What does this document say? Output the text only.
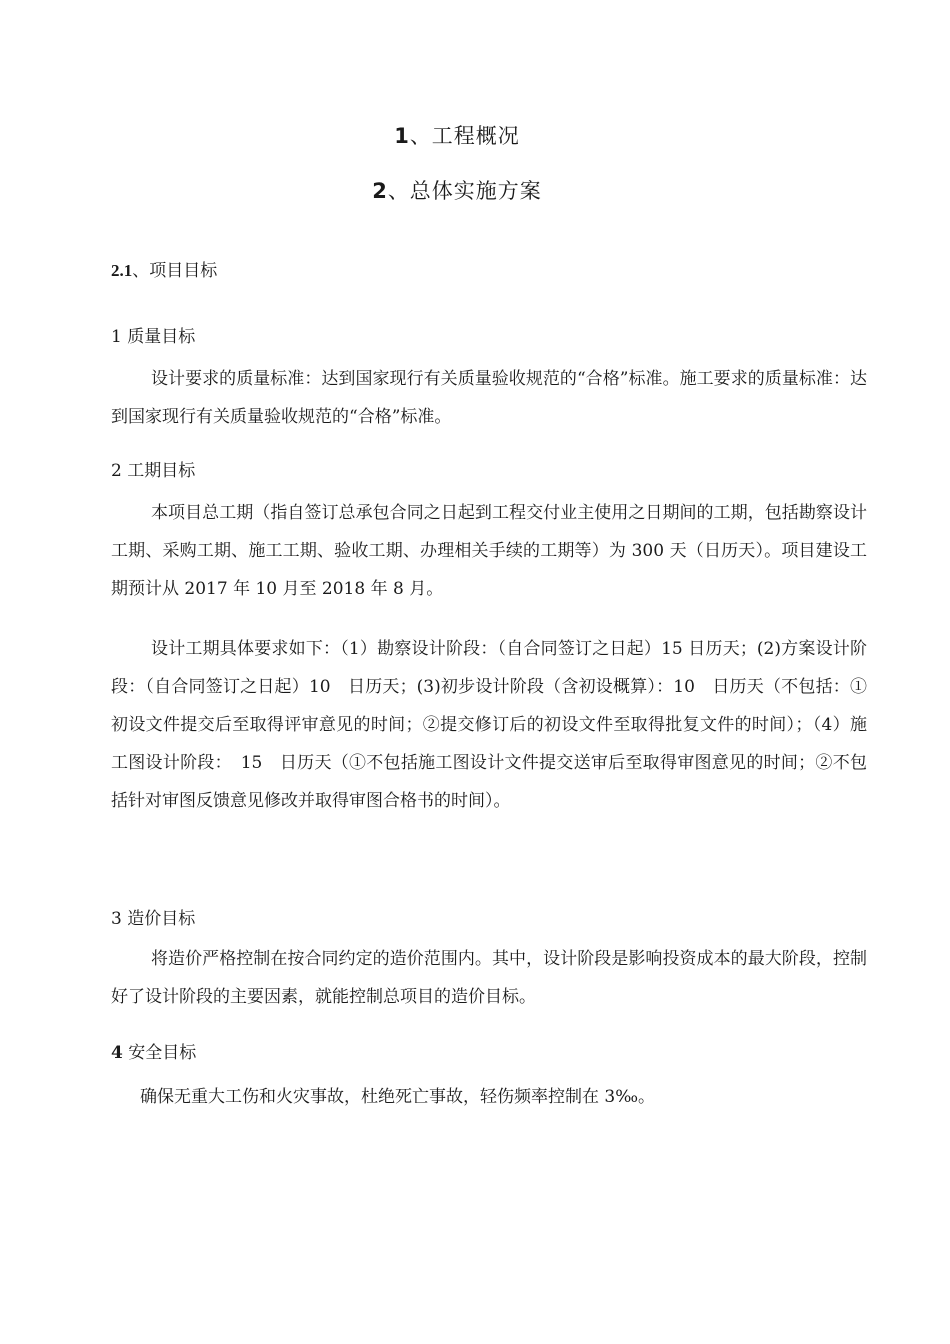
1、工程概况
2、总体实施方案
2.1、项目目标
1 质量目标

设计要求的质量标准：达到国家现行有关质量验收规范的“合格”标准。施工要求的质量标准：达到国家现行有关质量验收规范的“合格”标准。

2 工期目标

本项目总工期（指自签订总承包合同之日起到工程交付业主使用之日期间的工期，包括勘察设计工期、采购工期、施工工期、验收工期、办理相关手续的工期等）为 300 天（日历天）。项目建设工期预计从 2017 年 10 月至 2018 年 8 月。

设计工期具体要求如下：（1）勘察设计阶段：（自合同签订之日起）15 日历天；(2)方案设计阶段：（自合同签订之日起）10　日历天；(3)初步设计阶段（含初设概算）：10　日历天（不包括：①初设文件提交后至取得评审意见的时间；②提交修订后的初设文件至取得批复文件的时间）；（4）施工图设计阶段：　15　日历天（①不包括施工图设计文件提交送审后至取得审图意见的时间；②不包括针对审图反馈意见修改并取得审图合格书的时间）。

3 造价目标

将造价严格控制在按合同约定的造价范围内。其中，设计阶段是影响投资成本的最大阶段，控制好了设计阶段的主要因素，就能控制总项目的造价目标。

4 安全目标

确保无重大工伤和火灾事故，杜绝死亡事故，轻伤频率控制在 3‰。
